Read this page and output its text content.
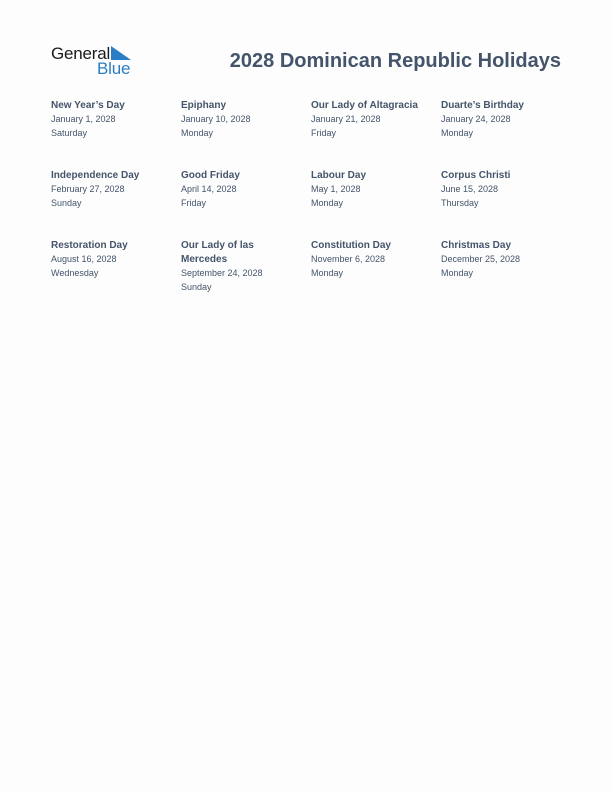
General
Blue	2028 Dominican Republic Holidays
New Year’s Day
January 1, 2028
Saturday
Epiphany
January 10, 2028
Monday
Our Lady of Altagracia
January 21, 2028
Friday
Duarte’s Birthday
January 24, 2028
Monday
Independence Day
February 27, 2028
Sunday
Good Friday
April 14, 2028
Friday
Labour Day
May 1, 2028
Monday
Corpus Christi
June 15, 2028
Thursday
Restoration Day
August 16, 2028
Wednesday
Our Lady of las Mercedes
September 24, 2028
Sunday
Constitution Day
November 6, 2028
Monday
Christmas Day
December 25, 2028
Monday
